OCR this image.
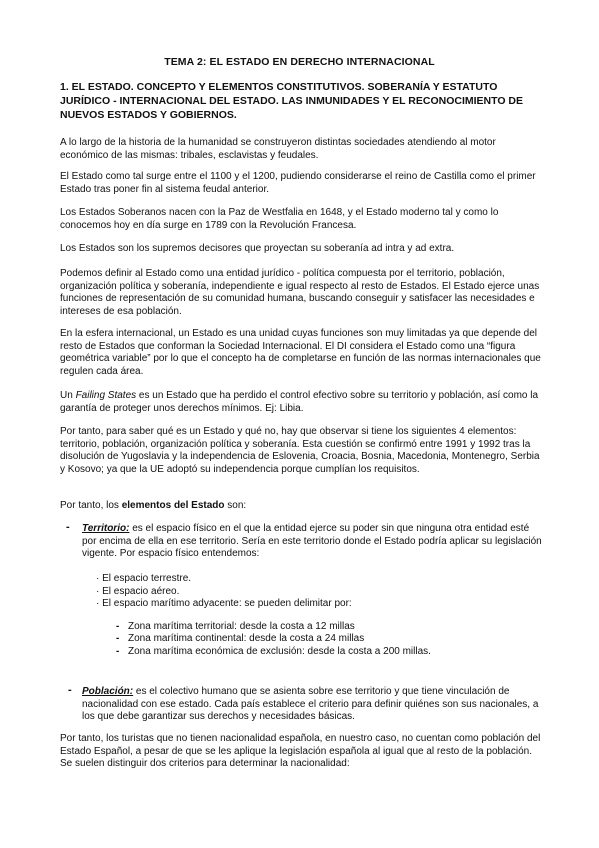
TEMA 2: EL ESTADO EN DERECHO INTERNACIONAL
1. EL ESTADO. CONCEPTO Y ELEMENTOS CONSTITUTIVOS. SOBERANÍA Y ESTATUTO JURÍDICO - INTERNACIONAL DEL ESTADO. LAS INMUNIDADES Y EL RECONOCIMIENTO DE NUEVOS ESTADOS Y GOBIERNOS.

A lo largo de la historia de la humanidad se construyeron distintas sociedades atendiendo al motor económico de las mismas: tribales, esclavistas y feudales.

El Estado como tal surge entre el 1100 y el 1200, pudiendo considerarse el reino de Castilla como el primer Estado tras poner fin al sistema feudal anterior.

Los Estados Soberanos nacen con la Paz de Westfalia en 1648, y el Estado moderno tal y como lo conocemos hoy en día surge en 1789 con la Revolución Francesa.

Los Estados son los supremos decisores que proyectan su soberanía ad intra y ad extra.

Podemos definir al Estado como una entidad jurídico - política compuesta por el territorio, población, organización política y soberanía, independiente e igual respecto al resto de Estados. El Estado ejerce unas funciones de representación de su comunidad humana, buscando conseguir y satisfacer las necesidades e intereses de esa población.

En la esfera internacional, un Estado es una unidad cuyas funciones son muy limitadas ya que depende del resto de Estados que conforman la Sociedad Internacional. El DI considera el Estado como una “figura geométrica variable” por lo que el concepto ha de completarse en función de las normas internacionales que regulen cada área.

Un Failing States es un Estado que ha perdido el control efectivo sobre su territorio y población, así como la garantía de proteger unos derechos mínimos. Ej: Libia.

Por tanto, para saber qué es un Estado y qué no, hay que observar si tiene los siguientes 4 elementos: territorio, población, organización política y soberanía. Esta cuestión se confirmó entre 1991 y 1992 tras la disolución de Yugoslavia y la independencia de Eslovenia, Croacia, Bosnia, Macedonia, Montenegro, Serbia y Kosovo; ya que la UE adoptó su independencia porque cumplían los requisitos.

Por tanto, los elementos del Estado son:

- Territorio: es el espacio físico en el que la entidad ejerce su poder sin que ninguna otra entidad esté por encima de ella en ese territorio. Sería en este territorio donde el Estado podría aplicar su legislación vigente. Por espacio físico entendemos:

· El espacio terrestre.
· El espacio aéreo.
· El espacio marítimo adyacente: se pueden delimitar por:
- Zona marítima territorial: desde la costa a 12 millas
- Zona marítima continental: desde la costa a 24 millas
- Zona marítima económica de exclusión: desde la costa a 200 millas.
- Población: es el colectivo humano que se asienta sobre ese territorio y que tiene vinculación de nacionalidad con ese estado. Cada país establece el criterio para definir quiénes son sus nacionales, a los que debe garantizar sus derechos y necesidades básicas.

Por tanto, los turistas que no tienen nacionalidad española, en nuestro caso, no cuentan como población del Estado Español, a pesar de que se les aplique la legislación española al igual que al resto de la población. Se suelen distinguir dos criterios para determinar la nacionalidad:
